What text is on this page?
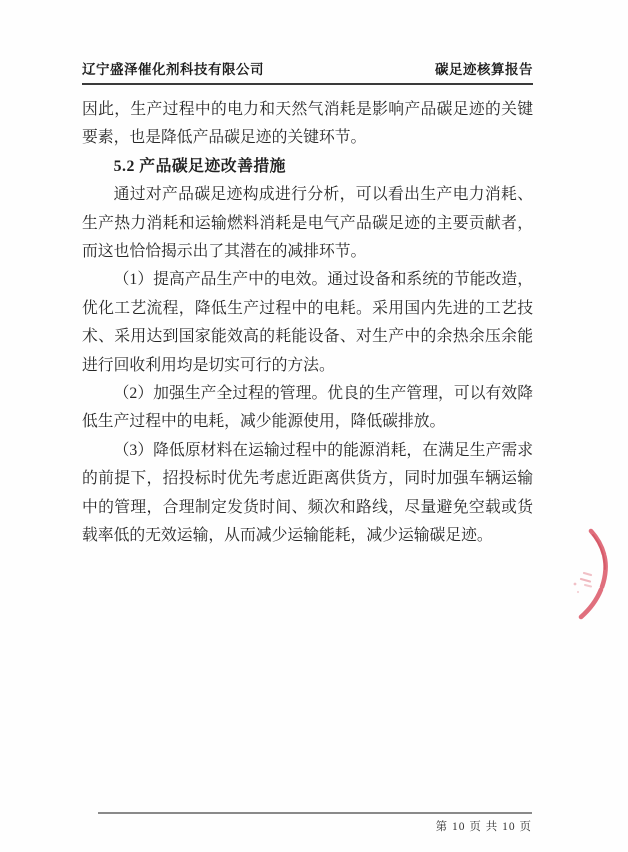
辽宁盛泽催化剂科技有限公司	碳足迹核算报告

因此，生产过程中的电力和天然气消耗是影响产品碳足迹的关键要素，也是降低产品碳足迹的关键环节。

5.2 产品碳足迹改善措施

通过对产品碳足迹构成进行分析，可以看出生产电力消耗、生产热力消耗和运输燃料消耗是电气产品碳足迹的主要贡献者，而这也恰恰揭示出了其潜在的减排环节。

（1）提高产品生产中的电效。通过设备和系统的节能改造，优化工艺流程，降低生产过程中的电耗。采用国内先进的工艺技术、采用达到国家能效高的耗能设备、对生产中的余热余压余能进行回收利用均是切实可行的方法。

（2）加强生产全过程的管理。优良的生产管理，可以有效降低生产过程中的电耗，减少能源使用，降低碳排放。

（3）降低原材料在运输过程中的能源消耗，在满足生产需求的前提下，招投标时优先考虑近距离供货方，同时加强车辆运输中的管理，合理制定发货时间、频次和路线，尽量避免空载或货载率低的无效运输，从而减少运输能耗，减少运输碳足迹。

第 10 页 共 10 页
